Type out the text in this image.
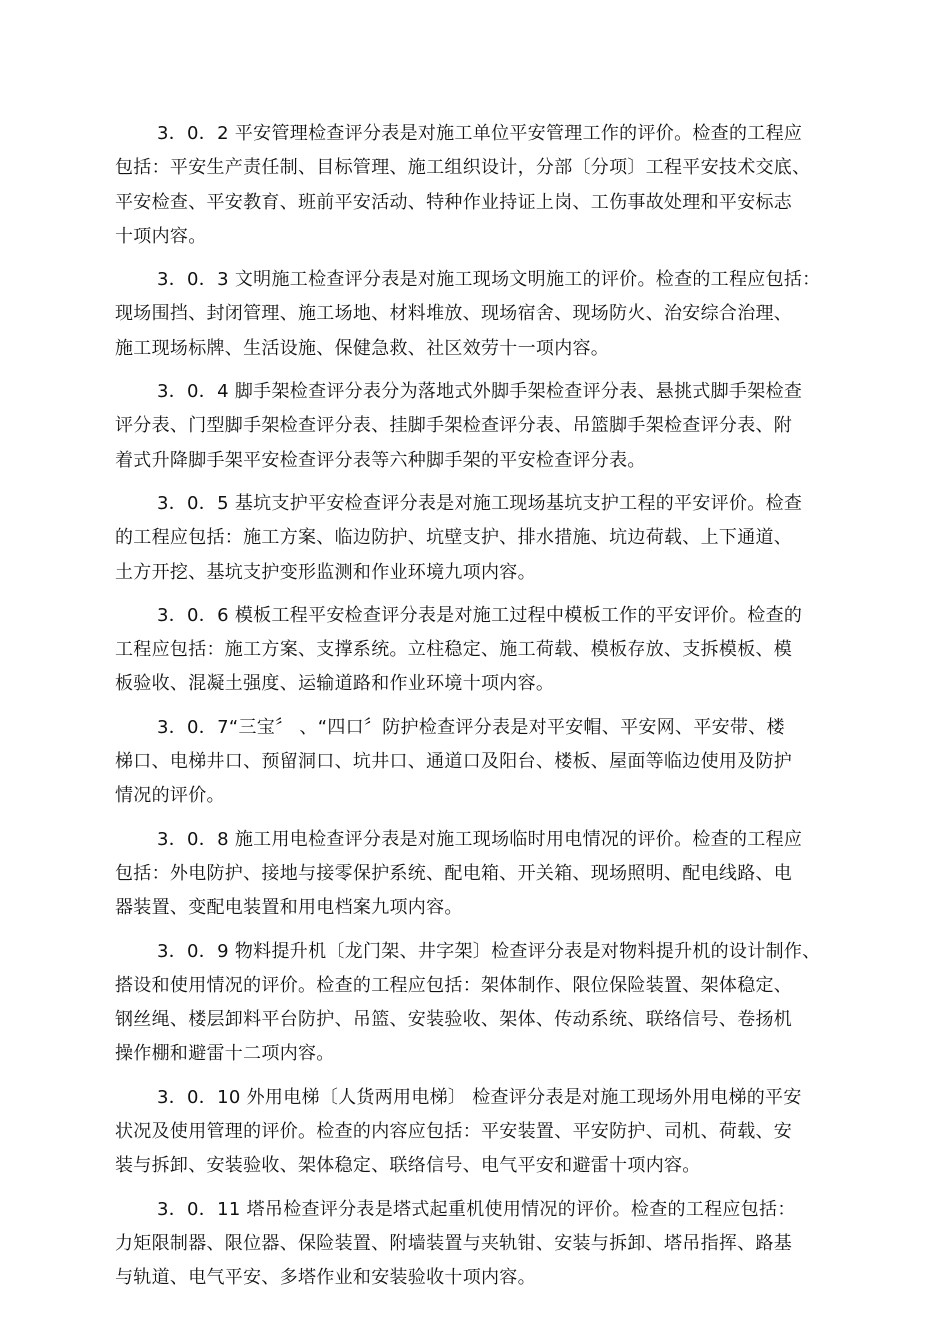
3．0．2 平安管理检查评分表是对施工单位平安管理工作的评价。检查的工程应
包括：平安生产责任制、目标管理、施工组织设计，分部〔分项〕工程平安技术交底、
平安检查、平安教育、班前平安活动、特种作业持证上岗、工伤事故处理和平安标志
十项内容。
3．0．3 文明施工检查评分表是对施工现场文明施工的评价。检查的工程应包括：
现场围挡、封闭管理、施工场地、材料堆放、现场宿舍、现场防火、治安综合治理、
施工现场标牌、生活设施、保健急救、社区效劳十一项内容。
3．0．4 脚手架检查评分表分为落地式外脚手架检查评分表、悬挑式脚手架检查
评分表、门型脚手架检查评分表、挂脚手架检查评分表、吊篮脚手架检查评分表、附
着式升降脚手架平安检查评分表等六种脚手架的平安检查评分表。
3．0．5 基坑支护平安检查评分表是对施工现场基坑支护工程的平安评价。检查
的工程应包括：施工方案、临边防护、坑壁支护、排水措施、坑边荷载、上下通道、
土方开挖、基坑支护变形监测和作业环境九项内容。
3．0．6 模板工程平安检查评分表是对施工过程中模板工作的平安评价。检查的
工程应包括：施工方案、支撑系统。立柱稳定、施工荷载、模板存放、支拆模板、模
板验收、混凝土强度、运输道路和作业环境十项内容。
3．0．7“三宝〞 、“四口〞防护检查评分表是对平安帽、平安网、平安带、楼
梯口、电梯井口、预留洞口、坑井口、通道口及阳台、楼板、屋面等临边使用及防护
情况的评价。
3．0．8 施工用电检查评分表是对施工现场临时用电情况的评价。检查的工程应
包括：外电防护、接地与接零保护系统、配电箱、开关箱、现场照明、配电线路、电
器装置、变配电装置和用电档案九项内容。
3．0．9 物料提升机〔龙门架、井字架〕检查评分表是对物料提升机的设计制作、
搭设和使用情况的评价。检查的工程应包括：架体制作、限位保险装置、架体稳定、
钢丝绳、楼层卸料平台防护、吊篮、安装验收、架体、传动系统、联络信号、卷扬机
操作棚和避雷十二项内容。
3．0．10 外用电梯〔人货两用电梯〕 检查评分表是对施工现场外用电梯的平安
状况及使用管理的评价。检查的内容应包括：平安装置、平安防护、司机、荷载、安
装与拆卸、安装验收、架体稳定、联络信号、电气平安和避雷十项内容。
3．0．11 塔吊检查评分表是塔式起重机使用情况的评价。检查的工程应包括：
力矩限制器、限位器、保险装置、附墙装置与夹轨钳、安装与拆卸、塔吊指挥、路基
与轨道、电气平安、多塔作业和安装验收十项内容。
